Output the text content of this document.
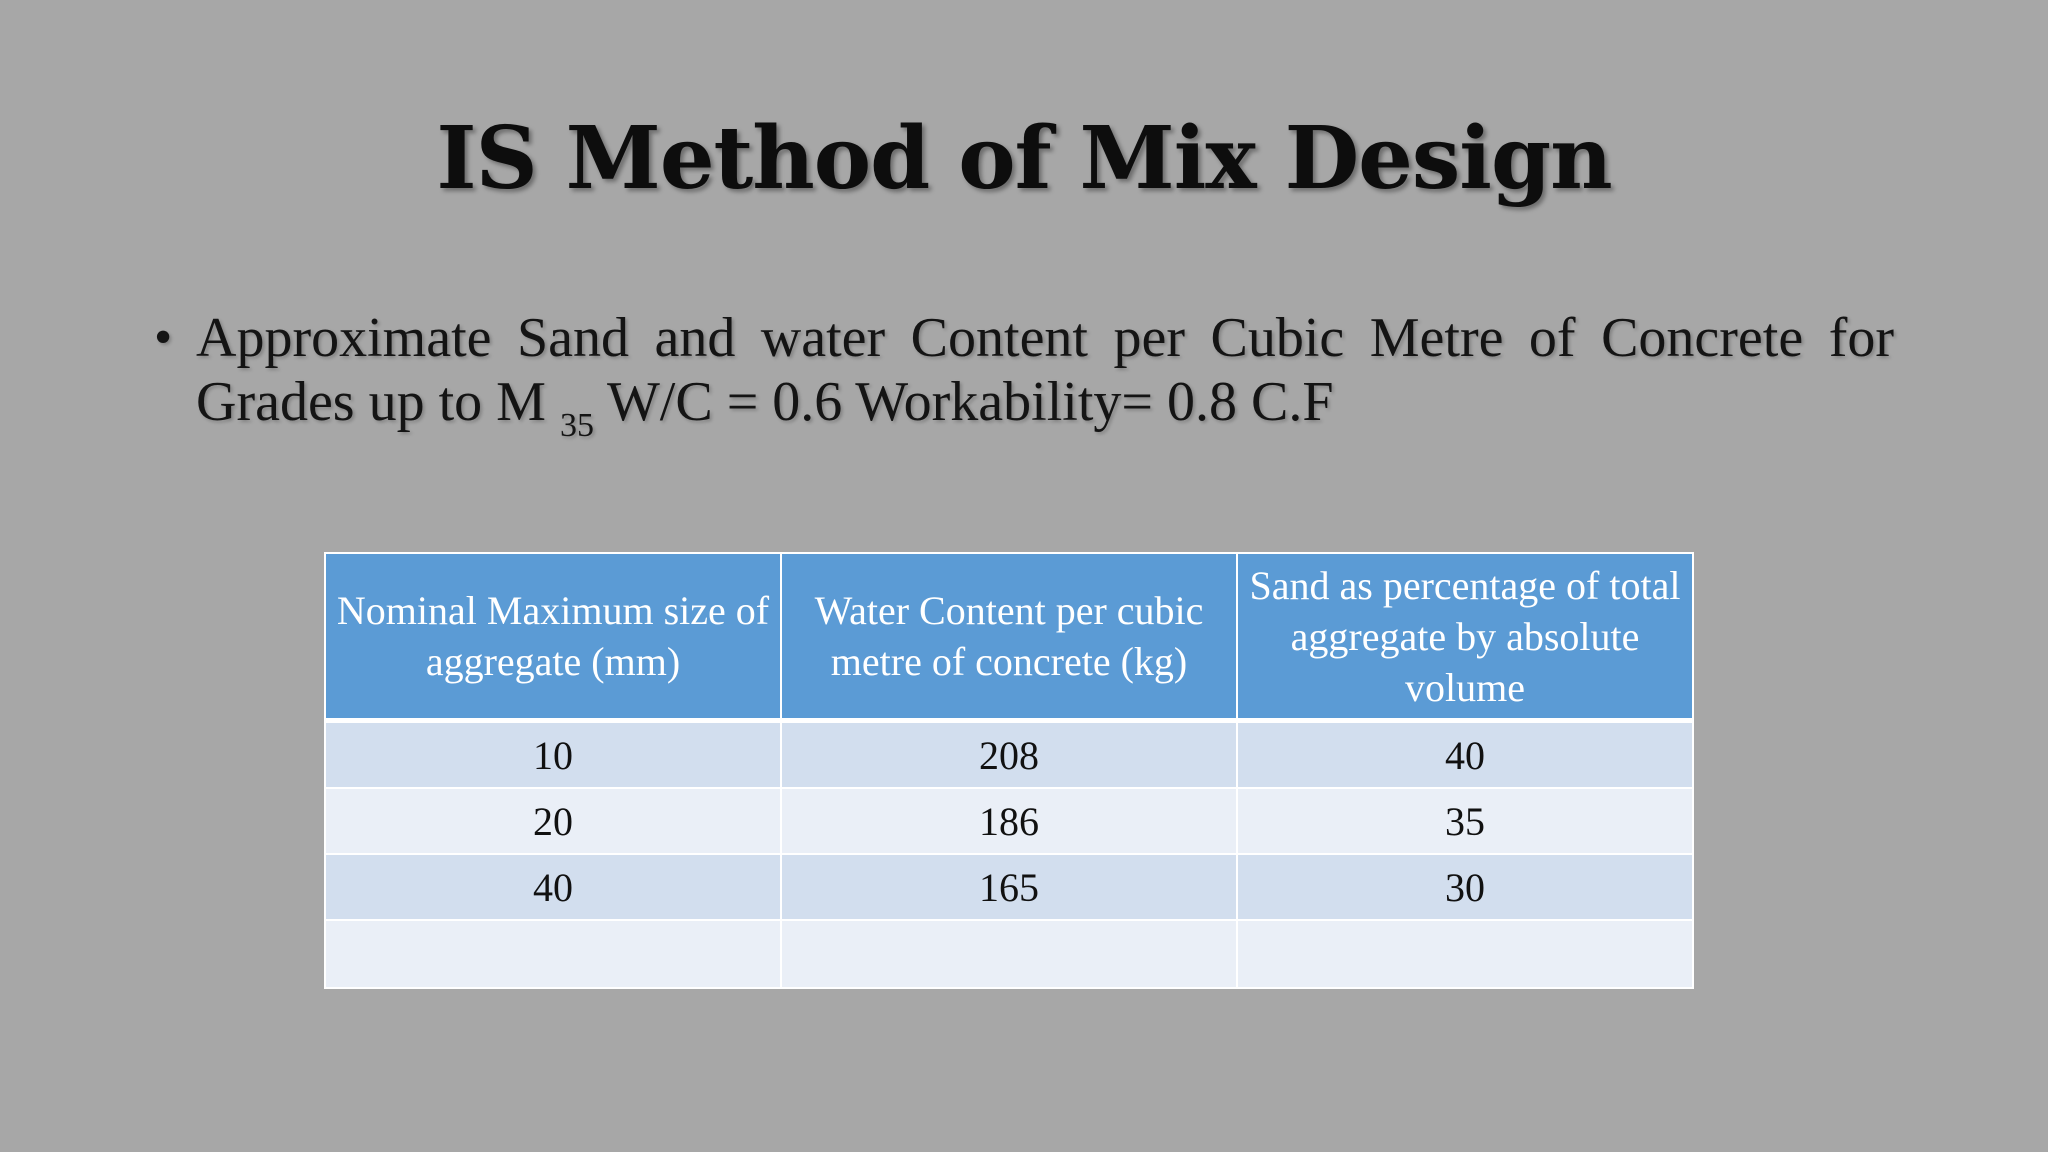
IS Method of Mix Design
• Approximate Sand and water Content per Cubic Metre of Concrete for Grades up to M $_{35}$ W/C = 0.6 Workability= 0.8 C.F
Nominal Maximum size of aggregate (mm)	Water Content per cubic metre of concrete (kg)	Sand as percentage of total aggregate by absolute volume
10	208	40
20	186	35
40	165	30
